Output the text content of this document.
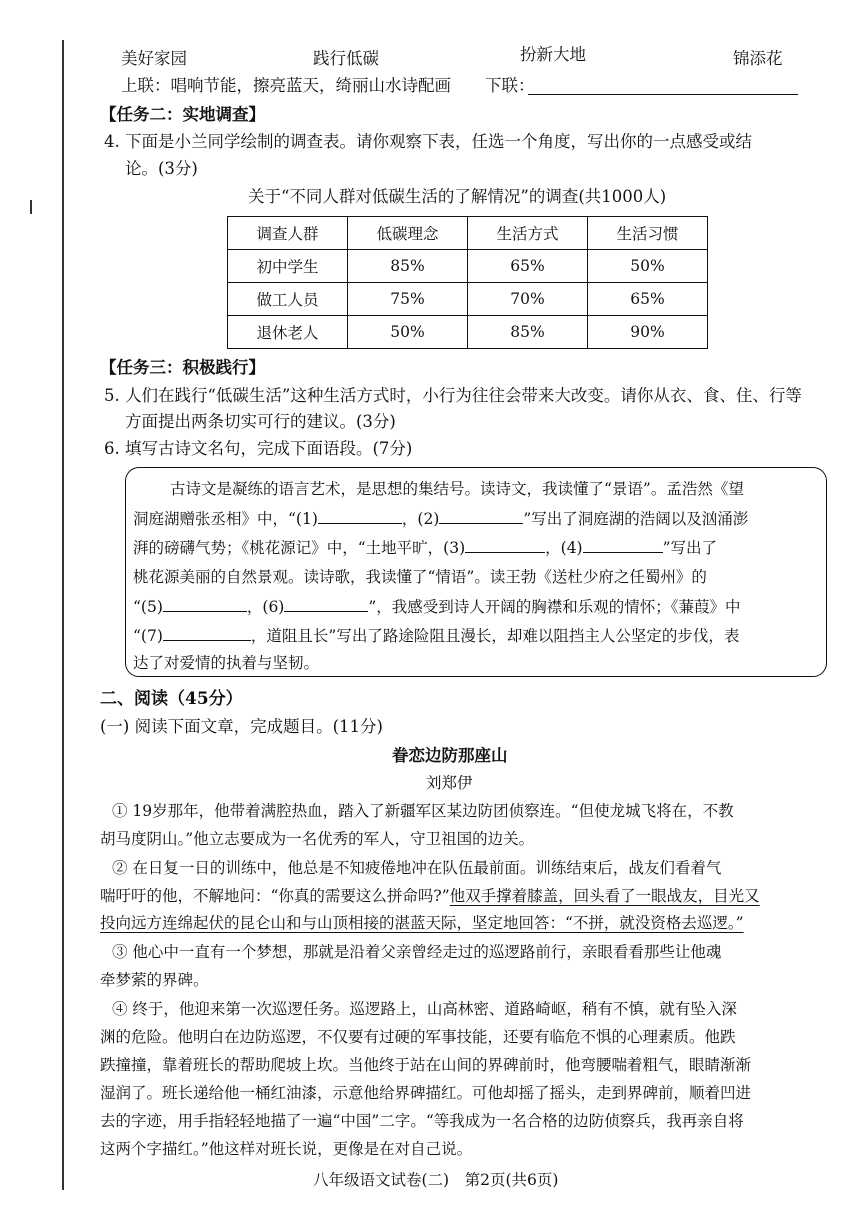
美好家园	践行低碳	扮新大地	锦添花
上联：唱响节能，擦亮蓝天，绮丽山水诗配画 下联：
【任务二：实地调查】
4. 下面是小兰同学绘制的调查表。请你观察下表，任选一个角度，写出你的一点感受或结
论。(3分)
关于“不同人群对低碳生活的了解情况”的调查(共1000人)
调查人群	低碳理念	生活方式	生活习惯
初中学生	85%	65%	50%
做工人员	75%	70%	65%
退休老人	50%	85%	90%
【任务三：积极践行】
5. 人们在践行“低碳生活”这种生活方式时，小行为往往会带来大改变。请你从衣、食、住、行等
方面提出两条切实可行的建议。(3分)
6. 填写古诗文名句，完成下面语段。(7分)
古诗文是凝练的语言艺术，是思想的集结号。读诗文，我读懂了“景语”。孟浩然《望
洞庭湖赠张丞相》中，“(1)	，(2)	”写出了洞庭湖的浩阔以及汹涌澎
湃的磅礴气势；《桃花源记》中，“土地平旷，(3)	，(4)	”写出了
桃花源美丽的自然景观。读诗歌，我读懂了“情语”。读王勃《送杜少府之任蜀州》的
“(5)	，(6)	”，我感受到诗人开阔的胸襟和乐观的情怀；《蒹葭》中
“(7)	，道阻且长”写出了路途险阻且漫长，却难以阻挡主人公坚定的步伐，表
达了对爱情的执着与坚韧。
二、阅读（45分）
(一) 阅读下面文章，完成题目。(11分)
眷恋边防那座山
刘郑伊
① 19岁那年，他带着满腔热血，踏入了新疆军区某边防团侦察连。“但使龙城飞将在，不教
胡马度阴山。”他立志要成为一名优秀的军人，守卫祖国的边关。
② 在日复一日的训练中，他总是不知疲倦地冲在队伍最前面。训练结束后，战友们看着气
喘吁吁的他，不解地问：“你真的需要这么拼命吗?”他双手撑着膝盖，回头看了一眼战友，目光又
投向远方连绵起伏的昆仑山和与山顶相接的湛蓝天际，坚定地回答：“不拼，就没资格去巡逻。”
③ 他心中一直有一个梦想，那就是沿着父亲曾经走过的巡逻路前行，亲眼看看那些让他魂
牵梦萦的界碑。
④ 终于，他迎来第一次巡逻任务。巡逻路上，山高林密、道路崎岖，稍有不慎，就有坠入深
渊的危险。他明白在边防巡逻，不仅要有过硬的军事技能，还要有临危不惧的心理素质。他跌
跌撞撞，靠着班长的帮助爬坡上坎。当他终于站在山间的界碑前时，他弯腰喘着粗气，眼睛渐渐
湿润了。班长递给他一桶红油漆，示意他给界碑描红。可他却摇了摇头，走到界碑前，顺着凹进
去的字迹，用手指轻轻地描了一遍“中国”二字。“等我成为一名合格的边防侦察兵，我再亲自将
这两个字描红。”他这样对班长说，更像是在对自己说。
八年级语文试卷(二)　第2页(共6页)
